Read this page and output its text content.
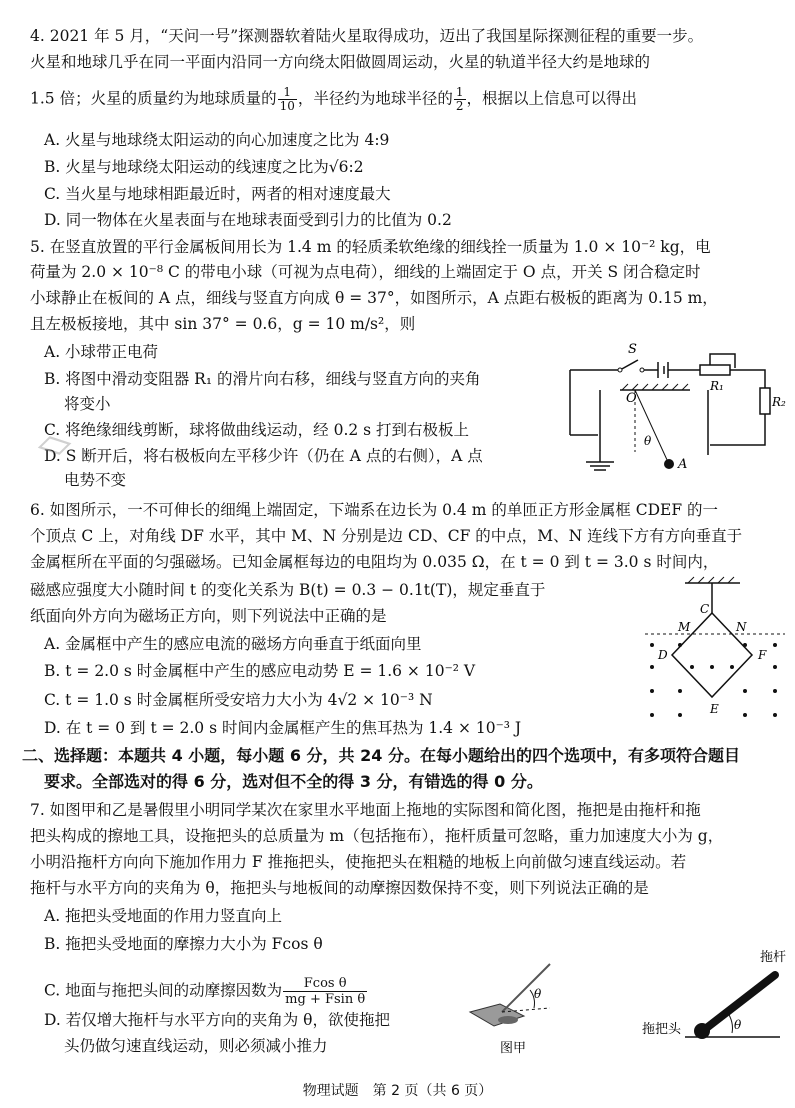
4. 2021 年 5 月，“天问一号”探测器软着陆火星取得成功，迈出了我国星际探测征程的重要一步。
火星和地球几乎在同一平面内沿同一方向绕太阳做圆周运动，火星的轨道半径大约是地球的
1.5 倍；火星的质量约为地球质量的 $\frac{1}{10}$ ，半径约为地球半径的 $\frac{1}{2}$ ，根据以上信息可以得出
A. 火星与地球绕太阳运动的向心加速度之比为 4:9
B. 火星与地球绕太阳运动的线速度之比为√6:2
C. 当火星与地球相距最近时，两者的相对速度最大
D. 同一物体在火星表面与在地球表面受到引力的比值为 0.2
5. 在竖直放置的平行金属板间用长为 1.4 m 的轻质柔软绝缘的细线拴一质量为 1.0 × 10⁻² kg，电
荷量为 2.0 × 10⁻⁸ C 的带电小球（可视为点电荷），细线的上端固定于 O 点，开关 S 闭合稳定时
小球静止在板间的 A 点，细线与竖直方向成 θ = 37°，如图所示，A 点距右极板的距离为 0.15 m，
且左极板接地，其中 sin 37° = 0.6，g = 10 m/s²，则
A. 小球带正电荷
B. 将图中滑动变阻器 R₁ 的滑片向右移，细线与竖直方向的夹角
将变小
C. 将绝缘细线剪断，球将做曲线运动，经 0.2 s 打到右极板上
D. S 断开后，将右极板向左平移少许（仍在 A 点的右侧），A 点
电势不变
S
O
R₁
R₂
θ
A
6. 如图所示，一不可伸长的细绳上端固定，下端系在边长为 0.4 m 的单匝正方形金属框 CDEF 的一
个顶点 C 上，对角线 DF 水平，其中 M、N 分别是边 CD、CF 的中点，M、N 连线下方有方向垂直于
金属框所在平面的匀强磁场。已知金属框每边的电阻均为 0.035 Ω，在 t = 0 到 t = 3.0 s 时间内，
磁感应强度大小随时间 t 的变化关系为 B(t) = 0.3 − 0.1t(T)，规定垂直于
纸面向外方向为磁场正方向，则下列说法中正确的是
A. 金属框中产生的感应电流的磁场方向垂直于纸面向里
B. t = 2.0 s 时金属框中产生的感应电动势 E = 1.6 × 10⁻² V
C. t = 1.0 s 时金属框所受安培力大小为 4√2 × 10⁻³ N
D. 在 t = 0 到 t = 2.0 s 时间内金属框产生的焦耳热为 1.4 × 10⁻³ J
C
M	N
D	F
E
二、选择题：本题共 4 小题，每小题 6 分，共 24 分。在每小题给出的四个选项中，有多项符合题目
要求。全部选对的得 6 分，选对但不全的得 3 分，有错选的得 0 分。
7. 如图甲和乙是暑假里小明同学某次在家里水平地面上拖地的实际图和简化图，拖把是由拖杆和拖
把头构成的擦地工具，设拖把头的总质量为 m（包括拖布），拖杆质量可忽略，重力加速度大小为 g，
小明沿拖杆方向向下施加作用力 F 推拖把头，使拖把头在粗糙的地板上向前做匀速直线运动。若
拖杆与水平方向的夹角为 θ，拖把头与地板间的动摩擦因数保持不变，则下列说法正确的是
A. 拖把头受地面的作用力竖直向上
B. 拖把头受地面的摩擦力大小为 Fcos θ
C. 地面与拖把头间的动摩擦因数为 $\frac{\text{Fcos θ}}{\text{mg + Fsin θ}}$
D. 若仅增大拖杆与水平方向的夹角为 θ，欲使拖把
头仍做匀速直线运动，则必须减小推力
θ
图甲
θ
拖杆
拖把头
▱
物理试题　第 2 页（共 6 页）
